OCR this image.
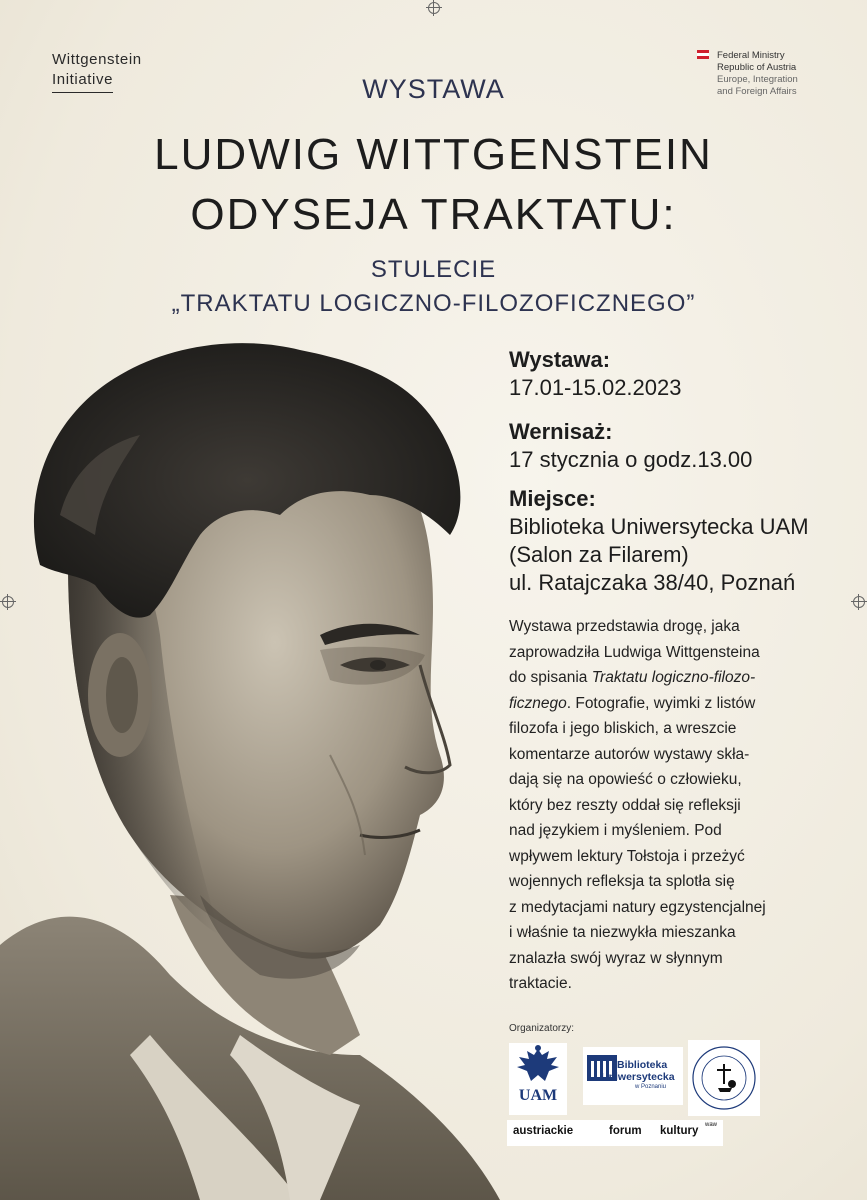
Wittgenstein
Initiative
Federal Ministry
Republic of Austria
Europe, Integration
and Foreign Affairs
WYSTAWA
LUDWIG WITTGENSTEIN
ODYSEJA TRAKTATU:
STULECIE
„TRAKTATU LOGICZNO-FILOZOFICZNEGO”
Wystawa:
17.01-15.02.2023
Wernisaż:
17 stycznia o godz.13.00
Miejsce:
Biblioteka Uniwersytecka UAM
(Salon za Filarem)
ul. Ratajczaka 38/40, Poznań

Wystawa przedstawia drogę, jaka

zaprowadziła Ludwiga Wittgensteina

do spisania Traktatu logiczno-filozo-

ficznego. Fotografie, wyimki z listów

filozofa i jego bliskich, a wreszcie

komentarze autorów wystawy skła-

dają się na opowieść o człowieku,

który bez reszty oddał się refleksji

nad językiem i myśleniem. Pod

wpływem lektury Tołstoja i przeżyć

wojennych refleksja ta splotła się

z medytacjami natury egzystencjalnej

i właśnie ta niezwykła mieszanka

znalazła swój wyraz w słynnym

traktacie.

Organizatorzy:
UAM
Biblioteka
Uniwersytecka
w Poznaniu
austriackie	forum kultury waw
